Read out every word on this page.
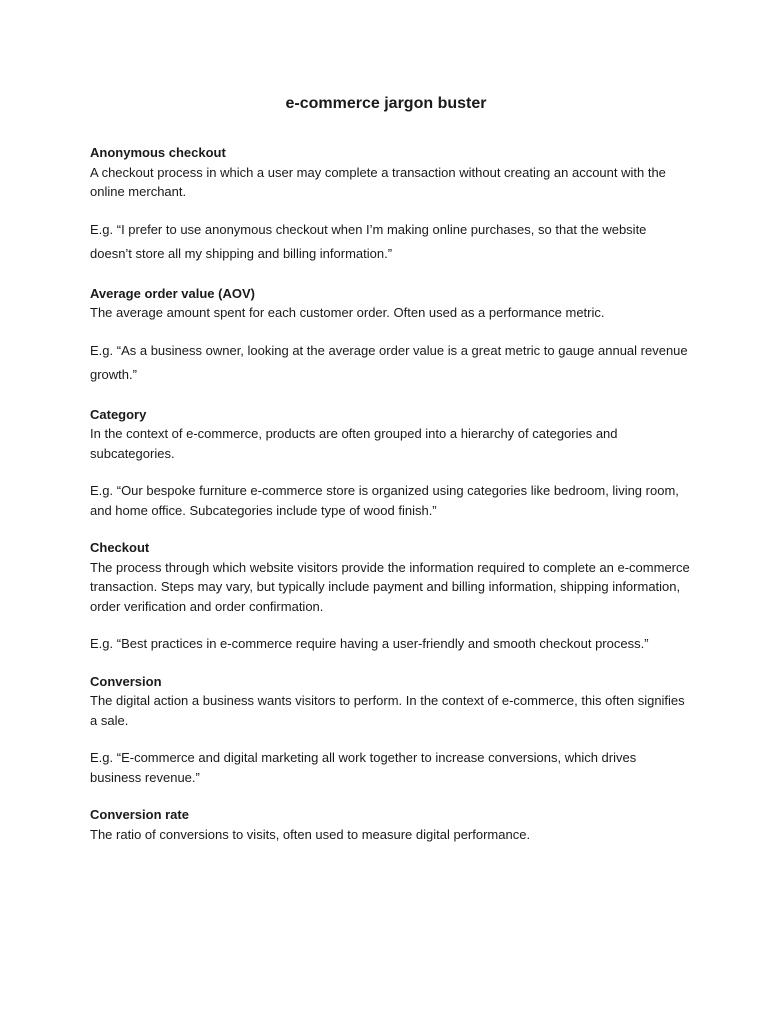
e-commerce jargon buster

Anonymous checkout

A checkout process in which a user may complete a transaction without creating an account with the online merchant.

E.g. “I prefer to use anonymous checkout when I’m making online purchases, so that the website doesn’t store all my shipping and billing information.”

Average order value (AOV)

The average amount spent for each customer order. Often used as a performance metric.

E.g. “As a business owner, looking at the average order value is a great metric to gauge annual revenue growth.”

Category

In the context of e-commerce, products are often grouped into a hierarchy of categories and subcategories.

E.g. “Our bespoke furniture e-commerce store is organized using categories like bedroom, living room, and home office. Subcategories include type of wood finish.”

Checkout

The process through which website visitors provide the information required to complete an e-commerce transaction. Steps may vary, but typically include payment and billing information, shipping information, order verification and order confirmation.

E.g. “Best practices in e-commerce require having a user-friendly and smooth checkout process.”

Conversion

The digital action a business wants visitors to perform. In the context of e-commerce, this often signifies a sale.

E.g. “E-commerce and digital marketing all work together to increase conversions, which drives business revenue.”

Conversion rate

The ratio of conversions to visits, often used to measure digital performance.
